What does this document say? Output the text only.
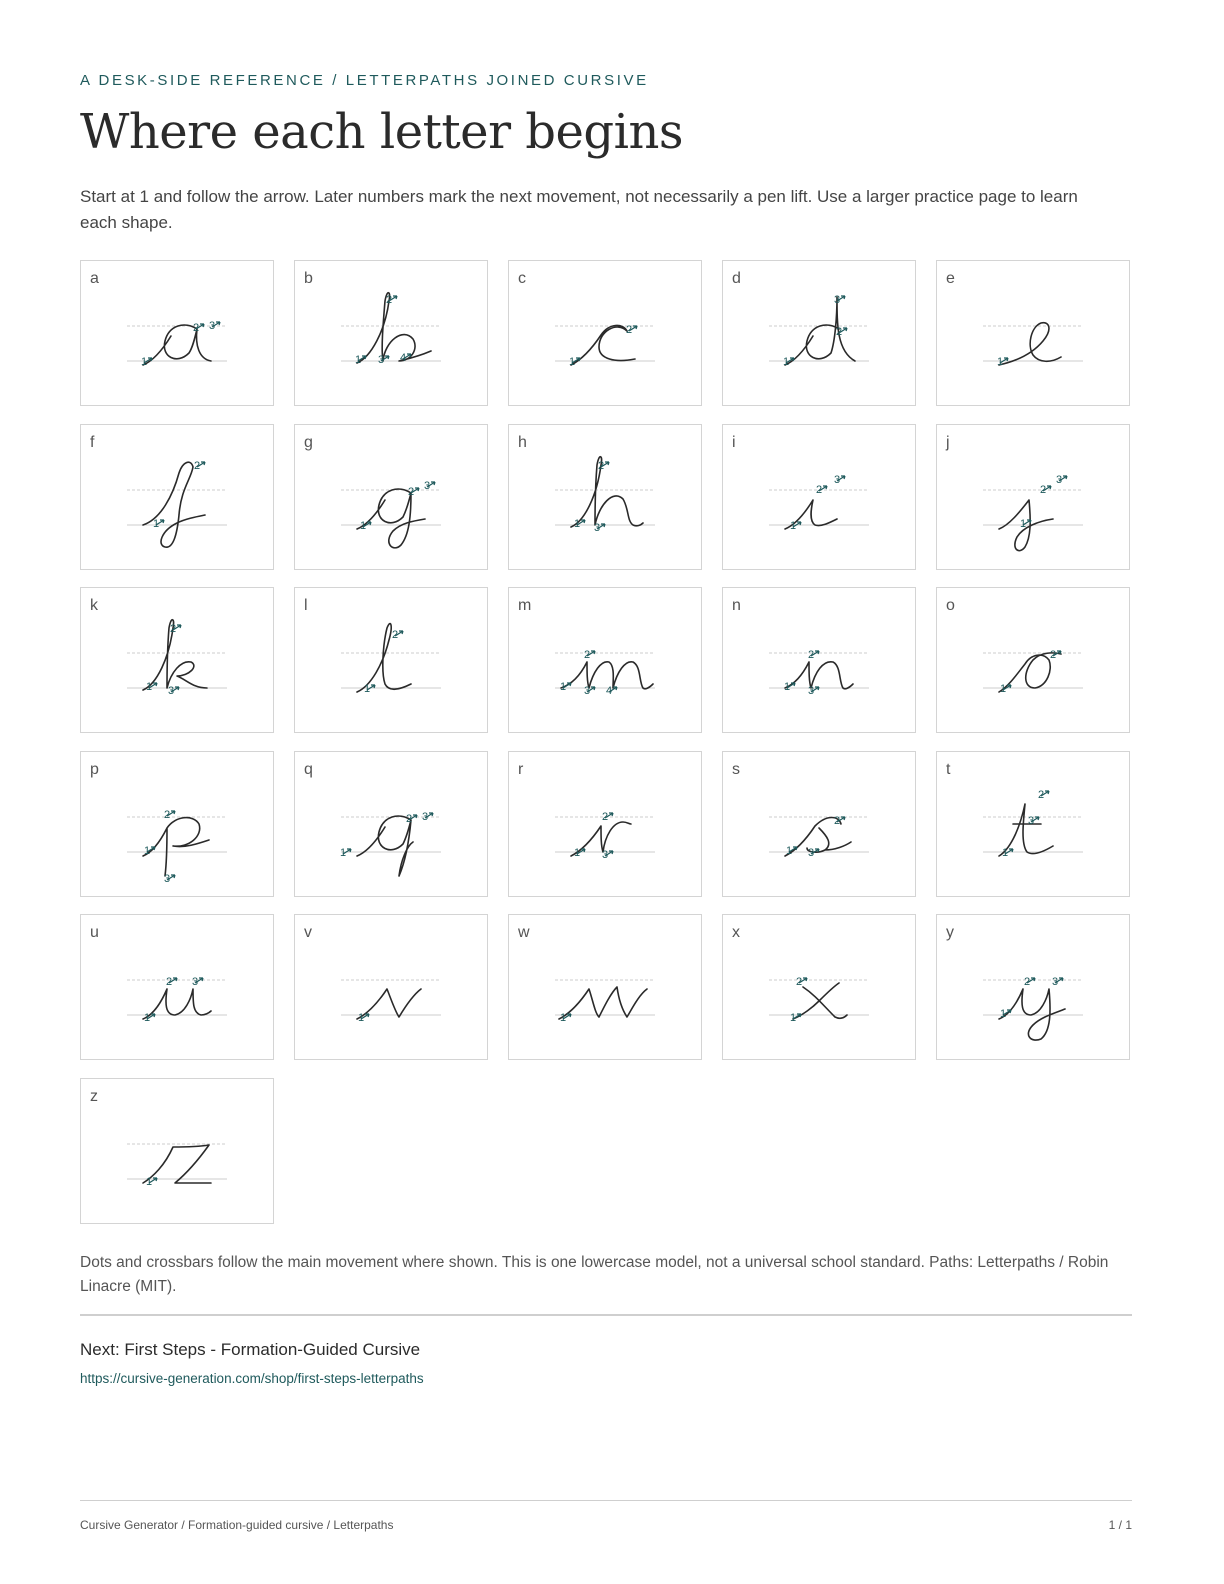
A DESK-SIDE REFERENCE / LETTERPATHS JOINED CURSIVE
Where each letter begins

Start at 1 and follow the arrow. Later numbers mark the next movement, not necessarily a pen lift. Use a larger practice page to learn each shape.

a
1
2 3
b
1
2
3 4
c
1
2
d
1
2
3
e
1
f
1
2
g
1
2 3
h
1
2
3
i
1
2
3
j
1
2
3
k
1
2
3
l
1
2
m
1
2
3 4
n
1
2
3
o
1
2
p
1
2
3
q
1
2 3
r
1
2
3
s
1
2
3
t
1
2
3
u
1
2 3
v
1
w
1
x
1
2
y
1
2 3
z
1

Dots and crossbars follow the main movement where shown. This is one lowercase model, not a universal school standard. Paths: Letterpaths / Robin Linacre (MIT).

Next: First Steps - Formation-Guided Cursive
https://cursive-generation.com/shop/first-steps-letterpaths
Cursive Generator / Formation-guided cursive / Letterpaths	1 / 1
